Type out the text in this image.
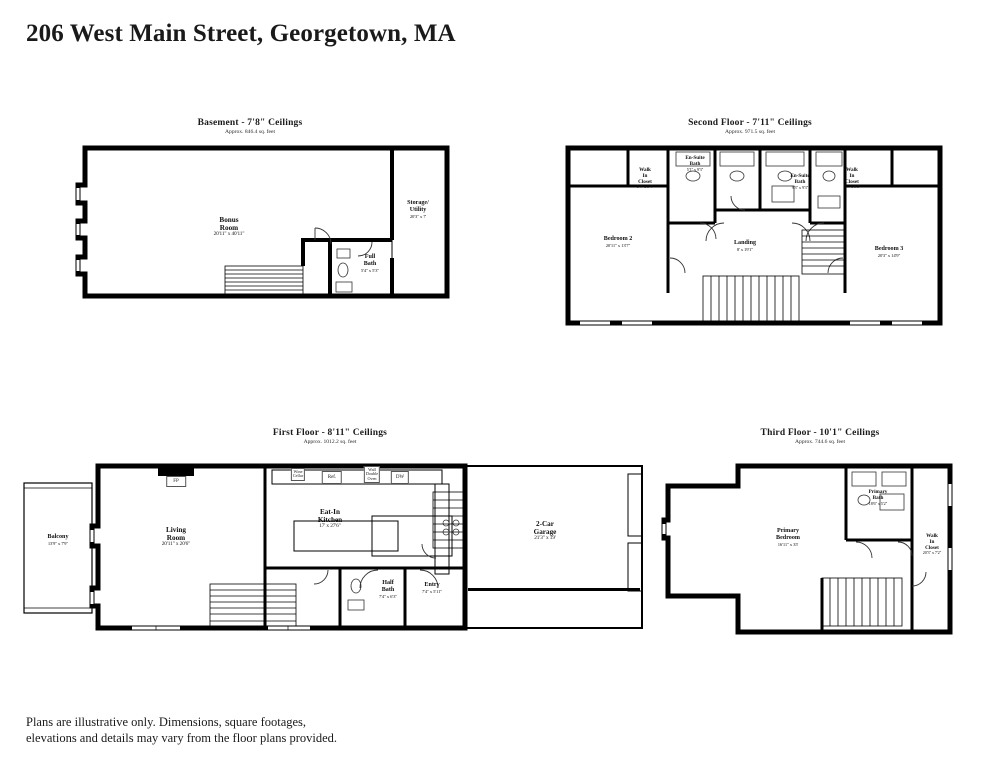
206 West Main Street, Georgetown, MA
Basement - 7'8" Ceilings
Approx. 846.4 sq. feet
Bonus
Room
20'11" x 40'11"
Storage/
Utility
20'3" x 7'
Full
Bath
5'4" x 5'3"
Second Floor - 7'11" Ceilings
Approx. 971.5 sq. feet
Walk
In
Closet
5'4" x 5'4"
En-Suite
Bath
5'1" x 9'3"
En-Suite
Bath
9'3" x 9'3"
Walk
In
Closet
5'4" x 9'3"
Bedroom 2
20'11" x 13'7"	Landing
8' x 19'1"	Bedroom 3
20'3" x 14'9"
First Floor - 8'11" Ceilings
Approx. 1012.2 sq. feet
Balcony
13'9" x 7'9"
Living
Room
20'11" x 20'6"
Eat-In
Kitchen
17' x 27'6"	2-Car
Garage
21'3" x 19'
Half
Bath
7'4" x 6'3"
Entry
7'4" x 5'11"
Wine
Cellar	Ref.
Wall
Double
Oven	DW
FP
Third Floor - 10'1" Ceilings
Approx. 744.6 sq. feet
Primary
Bath
18'6" x 5'2"
Primary
Bedroom
16'11" x 35'
Walk
In
Closet
20'3" x 7'2"
Plans are illustrative only. Dimensions, square footages,
elevations and details may vary from the floor plans provided.
